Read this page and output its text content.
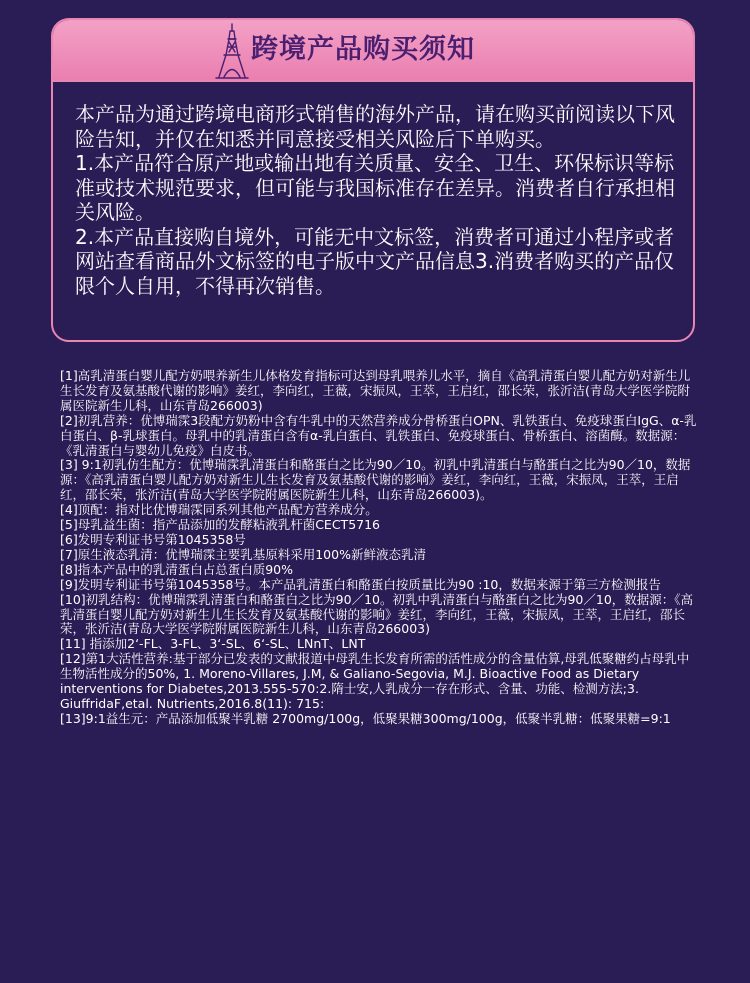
跨境产品购买须知

本产品为通过跨境电商形式销售的海外产品，请在购买前阅读以下风险告知，并仅在知悉并同意接受相关风险后下单购买。

1.本产品符合原产地或输出地有关质量、安全、卫生、环保标识等标准或技术规范要求，但可能与我国标准存在差异。消费者自行承担相关风险。

2.本产品直接购自境外，可能无中文标签，消费者可通过小程序或者网站查看商品外文标签的电子版中文产品信息3.消费者购买的产品仅限个人自用，不得再次销售。

[1]高乳清蛋白婴儿配方奶喂养新生儿体格发育指标可达到母乳喂养儿水平，摘自《高乳清蛋白婴儿配方奶对新生儿生长发育及氨基酸代谢的影响》姜红，李向红，王薇，宋振凤，王萃，王启红，邵长荣，张沂洁(青岛大学医学院附属医院新生儿科，山东青岛266003)

[2]初乳营养：优博瑞霂3段配方奶粉中含有牛乳中的天然营养成分骨桥蛋白OPN、乳铁蛋白、免疫球蛋白IgG、α-乳白蛋白、β-乳球蛋白。母乳中的乳清蛋白含有α-乳白蛋白、乳铁蛋白、免疫球蛋白、骨桥蛋白、溶菌酶。数据源：《乳清蛋白与婴幼儿免疫》白皮书。

[3] 9:1初乳仿生配方：优博瑞霂乳清蛋白和酪蛋白之比为90／10。初乳中乳清蛋白与酪蛋白之比为90／10，数据源：《高乳清蛋白婴儿配方奶对新生儿生长发育及氨基酸代谢的影响》姜红，李向红，王薇，宋振凤，王萃，王启红，邵长荣，张沂洁(青岛大学医学院附属医院新生儿科，山东青岛266003)。

[4]顶配：指对比优博瑞霂同系列其他产品配方营养成分。

[5]母乳益生菌：指产品添加的发酵粘液乳杆菌CECT5716

[6]发明专利证书号第1045358号

[7]原生液态乳清：优博瑞霂主要乳基原料采用100%新鲜液态乳清

[8]指本产品中的乳清蛋白占总蛋白质90%

[9]发明专利证书号第1045358号。本产品乳清蛋白和酪蛋白按质量比为90 :10，数据来源于第三方检测报告

[10]初乳结构：优博瑞霂乳清蛋白和酪蛋白之比为90／10。初乳中乳清蛋白与酪蛋白之比为90／10，数据源：《高乳清蛋白婴儿配方奶对新生儿生长发育及氨基酸代谢的影响》姜红，李向红，王薇，宋振凤，王萃，王启红，邵长荣，张沂洁(青岛大学医学院附属医院新生儿科，山东青岛266003)

[11] 指添加2‘-FL、3-FL、3‘-SL、6‘-SL、LNnT、LNT

[12]第1大活性营养:基于部分已发表的文献报道中母乳生长发育所需的活性成分的含量估算,母乳低聚糖约占母乳中生物活性成分的50%, 1. Moreno-Villares, J.M, & Galiano-Segovia, M.J. Bioactive Food as Dietary interventions for Diabetes,2013.555-570:2.隋士安,人乳成分一存在形式、含量、功能、检测方法;3. GiuffridaF,etal. Nutrients,2016.8(11): 715:

[13]9:1益生元：产品添加低聚半乳糖 2700mg/100g，低聚果糖300mg/100g，低聚半乳糖：低聚果糖=9:1
